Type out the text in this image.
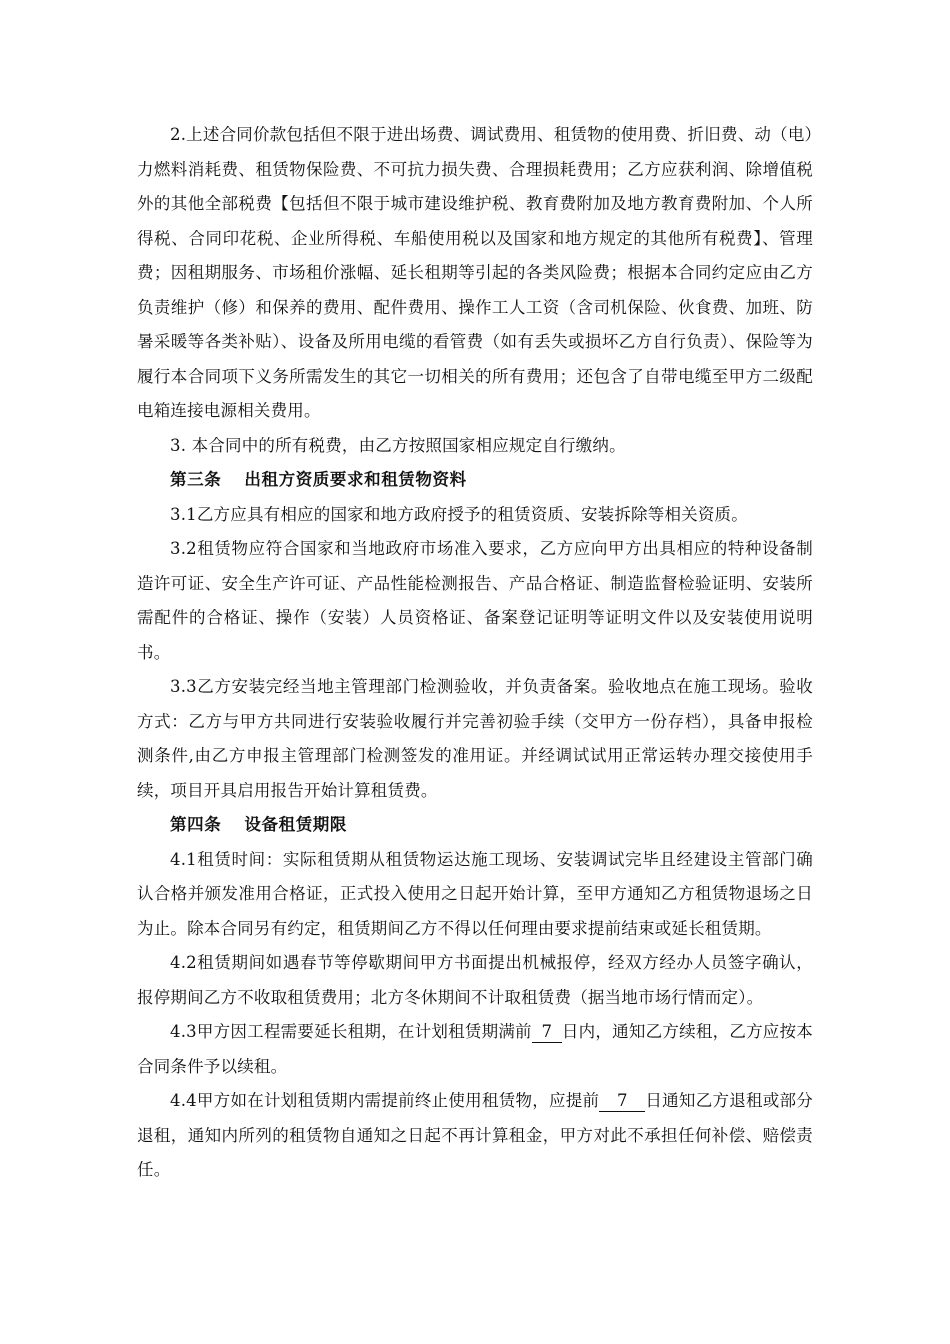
2.上述合同价款包括但不限于进出场费、调试费用、租赁物的使用费、折旧费、动（电）力燃料消耗费、租赁物保险费、不可抗力损失费、合理损耗费用；乙方应获利润、除增值税外的其他全部税费【包括但不限于城市建设维护税、教育费附加及地方教育费附加、个人所得税、合同印花税、企业所得税、车船使用税以及国家和地方规定的其他所有税费】、管理费；因租期服务、市场租价涨幅、延长租期等引起的各类风险费；根据本合同约定应由乙方负责维护（修）和保养的费用、配件费用、操作工人工资（含司机保险、伙食费、加班、防暑采暖等各类补贴）、设备及所用电缆的看管费（如有丢失或损坏乙方自行负责）、保险等为履行本合同项下义务所需发生的其它一切相关的所有费用；还包含了自带电缆至甲方二级配电箱连接电源相关费用。

3. 本合同中的所有税费，由乙方按照国家相应规定自行缴纳。

第三条 出租方资质要求和租赁物资料

3.1乙方应具有相应的国家和地方政府授予的租赁资质、安装拆除等相关资质。

3.2租赁物应符合国家和当地政府市场准入要求，乙方应向甲方出具相应的特种设备制造许可证、安全生产许可证、产品性能检测报告、产品合格证、制造监督检验证明、安装所需配件的合格证、操作（安装）人员资格证、备案登记证明等证明文件以及安装使用说明书。

3.3乙方安装完经当地主管理部门检测验收，并负责备案。验收地点在施工现场。验收方式：乙方与甲方共同进行安装验收履行并完善初验手续（交甲方一份存档），具备申报检测条件,由乙方申报主管理部门检测签发的准用证。并经调试试用正常运转办理交接使用手续，项目开具启用报告开始计算租赁费。

第四条 设备租赁期限

4.1租赁时间：实际租赁期从租赁物运达施工现场、安装调试完毕且经建设主管部门确认合格并颁发准用合格证，正式投入使用之日起开始计算，至甲方通知乙方租赁物退场之日为止。除本合同另有约定，租赁期间乙方不得以任何理由要求提前结束或延长租赁期。

4.2租赁期间如遇春节等停歇期间甲方书面提出机械报停，经双方经办人员签字确认，报停期间乙方不收取租赁费用；北方冬休期间不计取租赁费（据当地市场行情而定）。

4.3甲方因工程需要延长租期，在计划租赁期满前 7 日内，通知乙方续租，乙方应按本合同条件予以续租。

4.4甲方如在计划租赁期内需提前终止使用租赁物，应提前 7 日通知乙方退租或部分退租，通知内所列的租赁物自通知之日起不再计算租金，甲方对此不承担任何补偿、赔偿责任。
